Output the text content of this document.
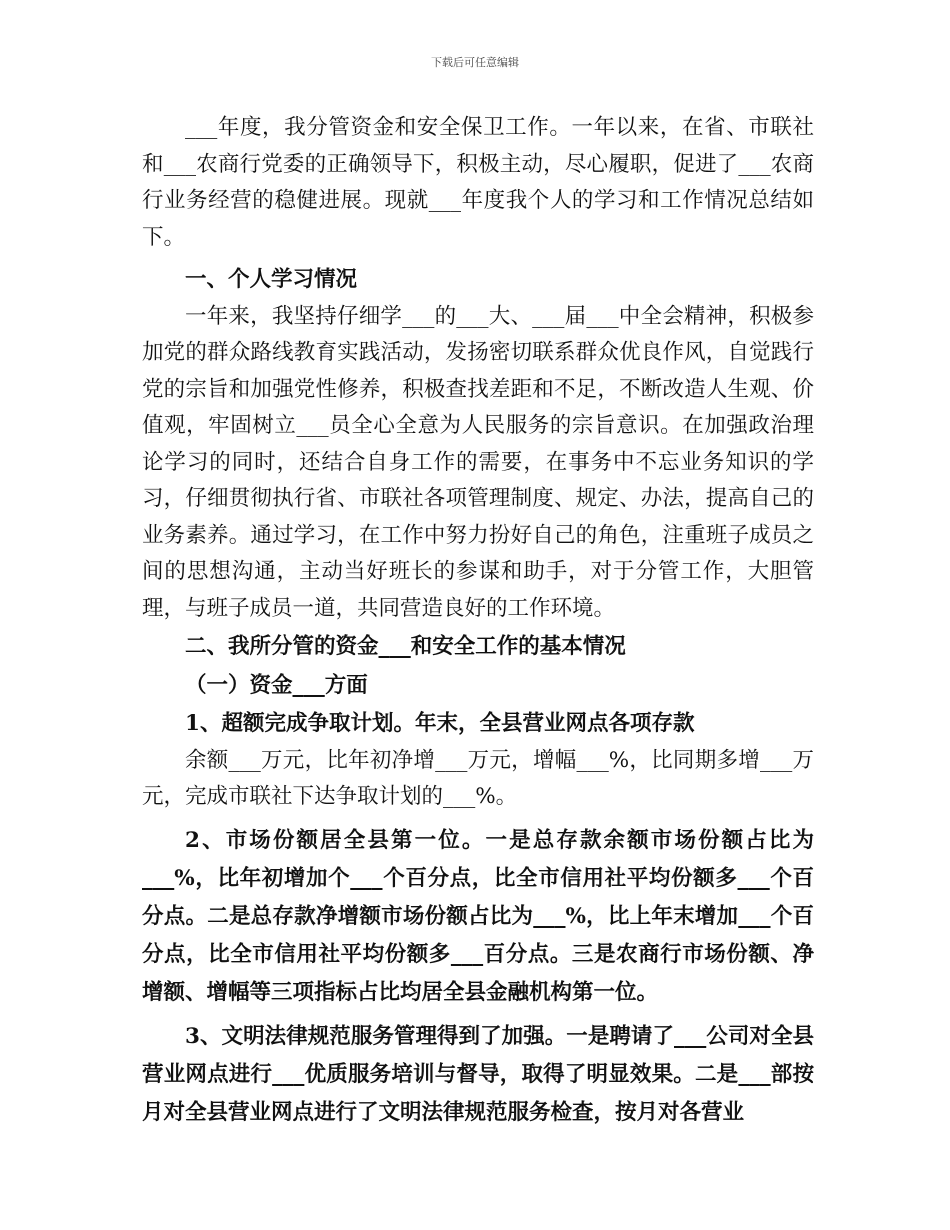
下载后可任意编辑

___年度，我分管资金和安全保卫工作。一年以来，在省、市联社和___农商行党委的正确领导下，积极主动，尽心履职，促进了___农商行业务经营的稳健进展。现就___年度我个人的学习和工作情况总结如下。

一、个人学习情况

一年来，我坚持仔细学___的___大、___届___中全会精神，积极参加党的群众路线教育实践活动，发扬密切联系群众优良作风，自觉践行党的宗旨和加强党性修养，积极查找差距和不足，不断改造人生观、价值观，牢固树立___员全心全意为人民服务的宗旨意识。在加强政治理论学习的同时，还结合自身工作的需要，在事务中不忘业务知识的学习，仔细贯彻执行省、市联社各项管理制度、规定、办法，提高自己的业务素养。通过学习，在工作中努力扮好自己的角色，注重班子成员之间的思想沟通，主动当好班长的参谋和助手，对于分管工作，大胆管理，与班子成员一道，共同营造良好的工作环境。

二、我所分管的资金___和安全工作的基本情况

（一）资金___方面

1、超额完成争取计划。年末，全县营业网点各项存款

余额___万元，比年初净增___万元，增幅___%，比同期多增___万元，完成市联社下达争取计划的___%。

2、市场份额居全县第一位。一是总存款余额市场份额占比为___%，比年初增加个___个百分点，比全市信用社平均份额多___个百分点。二是总存款净增额市场份额占比为___%，比上年末增加___个百分点，比全市信用社平均份额多___百分点。三是农商行市场份额、净增额、增幅等三项指标占比均居全县金融机构第一位。

3、文明法律规范服务管理得到了加强。一是聘请了___公司对全县营业网点进行___优质服务培训与督导，取得了明显效果。二是___部按月对全县营业网点进行了文明法律规范服务检查，按月对各营业
